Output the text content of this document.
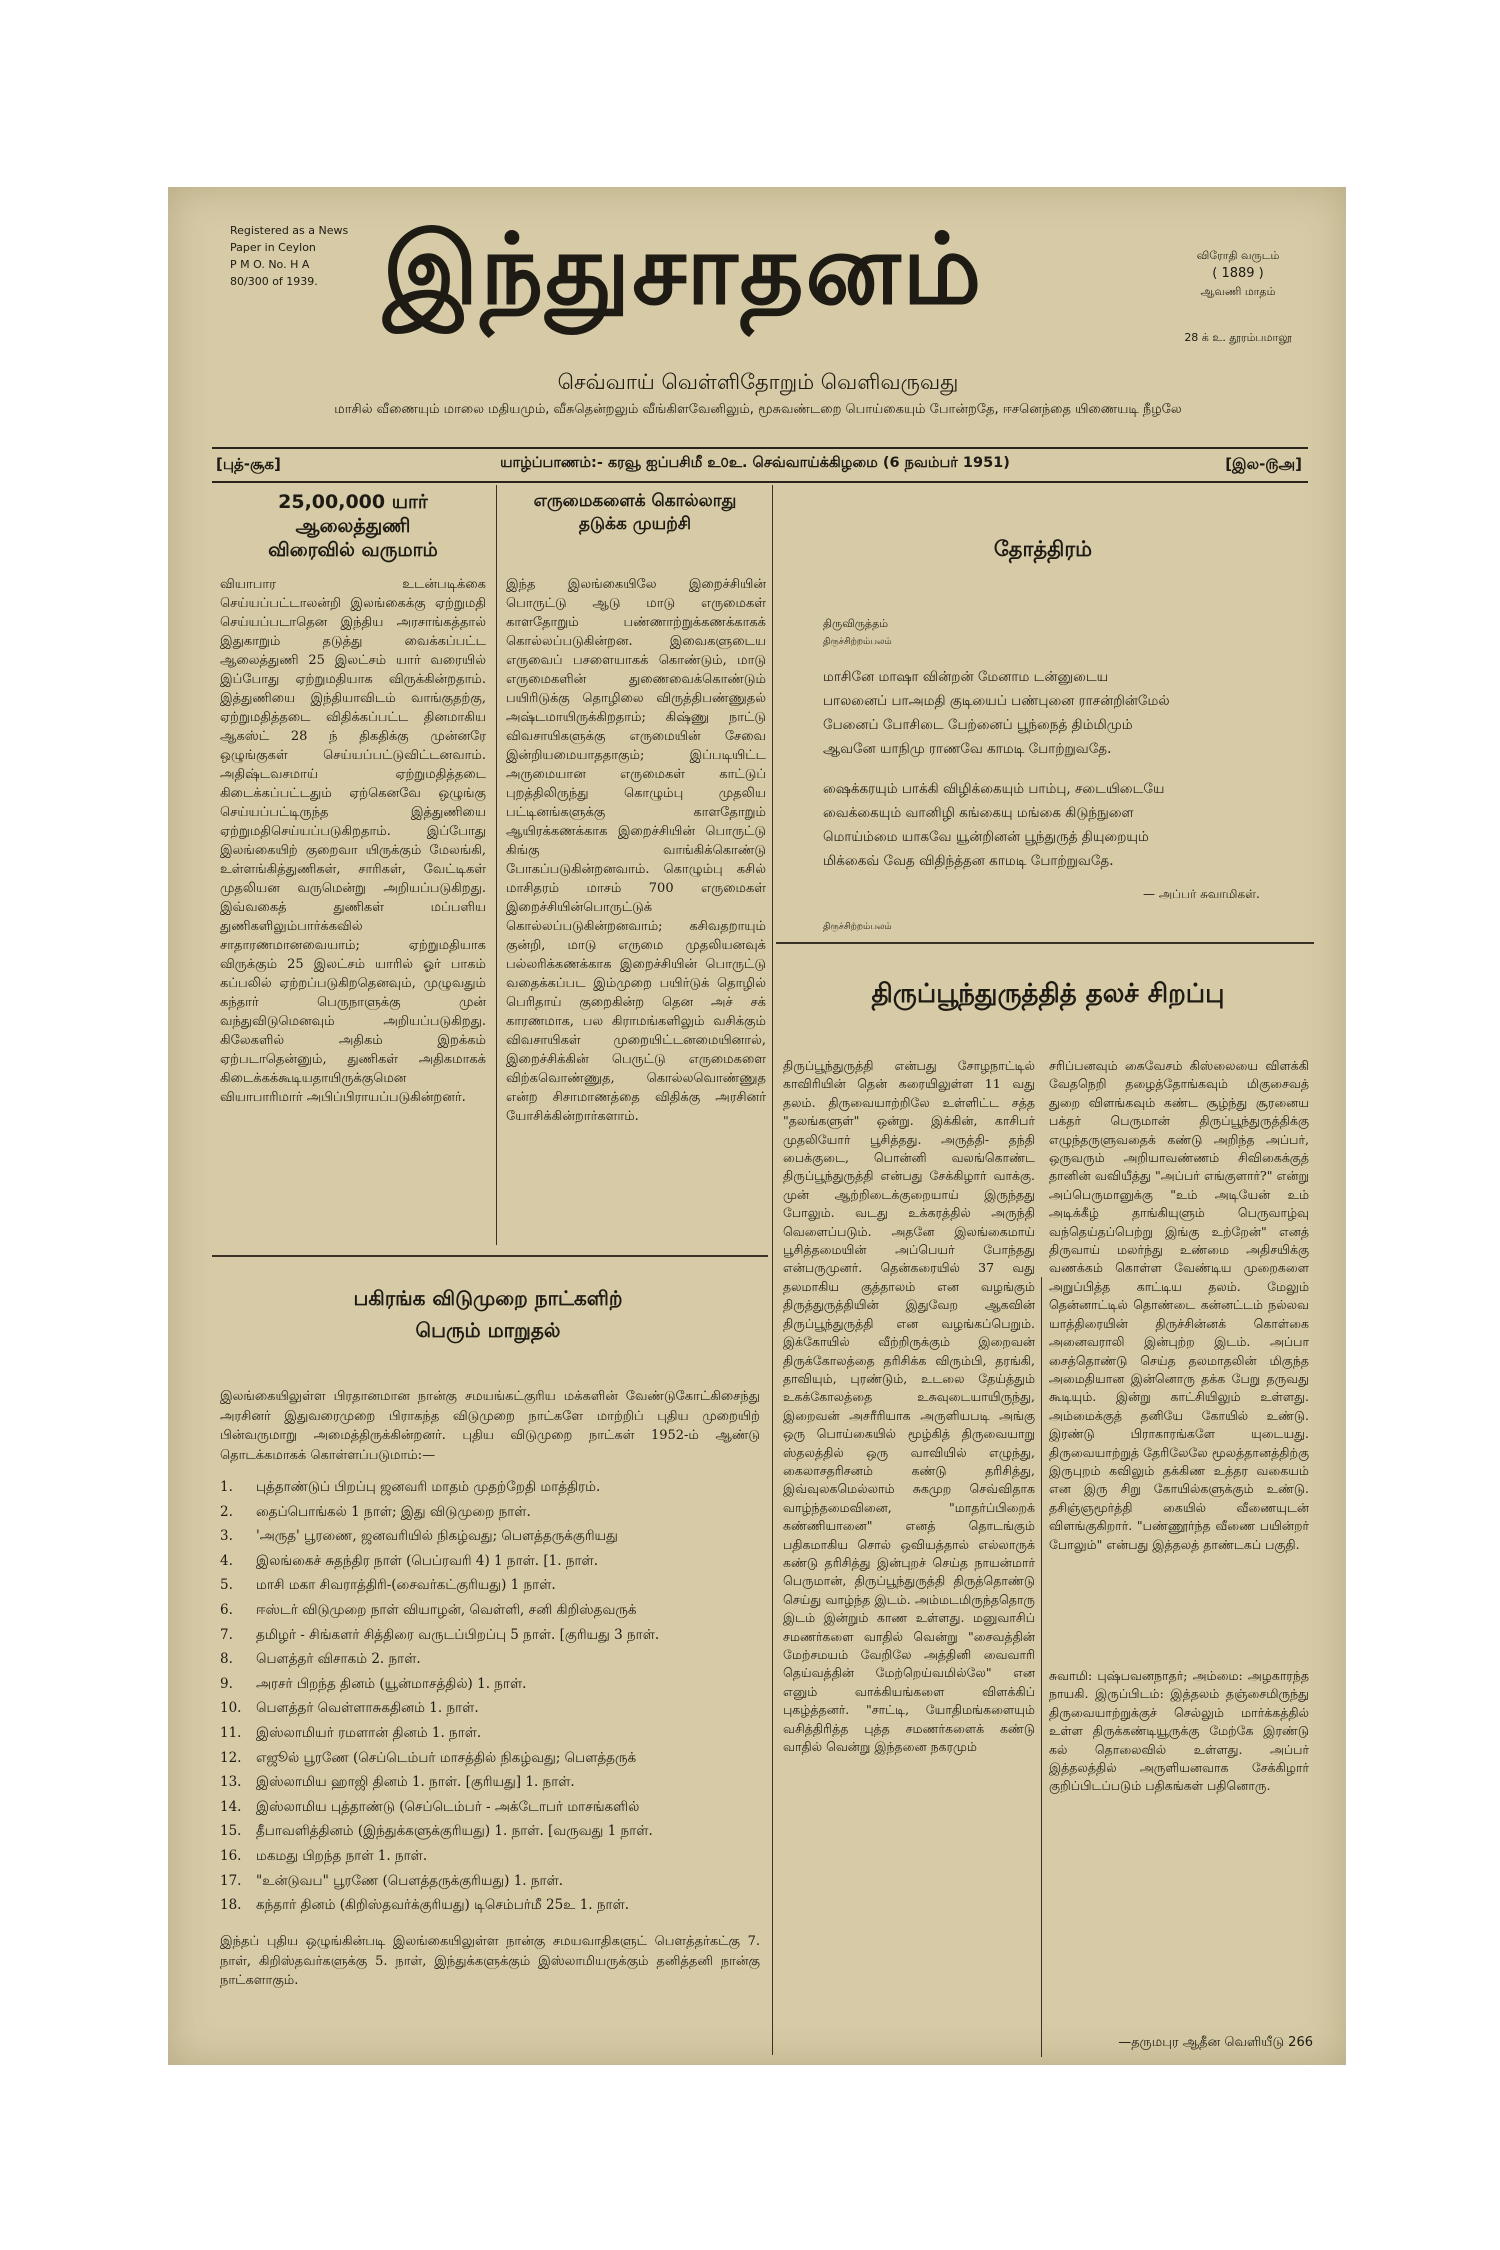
Registered as a News
Paper in Ceylon
P M O. No. H A
80/300 of 1939. இந்துசாதனம்	விரோதி வருடம்
( 1889 )
ஆவணி மாதம்
28 க் உ. தூரம்பமாலூ
செவ்வாய் வெள்ளிதோறும் வெளிவருவது
மாசில் வீணையும் மாலை மதியமும், வீசுதென்றலும் வீங்கிளவேனிலும், மூசுவண்டறை பொய்கையும் போன்றதே, ஈசனெந்தை யிணையடி நீழலே
[புத்-சூக]	யாழ்ப்பாணம்:- கரவூ ஐப்பசிமீ உ௦உ. செவ்வாய்க்கிழமை (6 நவம்பர் 1951)	[இல-௫அ]
25,00,000 யார் ஆலைத்துணி
விரைவில் வருமாம்
வியாபார உடன்படிக்கை செய்யப்பட்டாலன்றி இலங்கைக்கு ஏற்றுமதி செய்யப்படாதென இந்திய அரசாங்கத்தால் இதுகாறும் தடுத்து வைக்கப்பட்ட ஆலைத்துணி 25 இலட்சம் யார் வரையில் இப்போது ஏற்றுமதியாக விருக்கின்றதாம். இத்துணியை இந்தியாவிடம் வாங்குதற்கு, ஏற்றுமதித்தடை விதிக்கப்பட்ட தினமாகிய ஆகஸ்ட் 28 ந் திகதிக்கு முன்னரே ஒழுங்குகள் செய்யப்பட்டுவிட்டனவாம். அதிஷ்டவசமாய் ஏற்றுமதித்தடை கிடைக்கப்பட்டதும் ஏற்கெனவே ஒழுங்கு செய்யப்பட்டிருந்த இத்துணியை ஏற்றுமதிசெய்யப்படுகிறதாம். இப்போது இலங்கையிற் குறைவா யிருக்கும் மேலங்கி, உள்ளங்கித்துணிகள், சாரிகள், வேட்டிகள் முதலியன வருமென்று அறியப்படுகிறது. இவ்வகைத் துணிகள் மப்பளிய துணிகளிலும்பார்க்கவில் சாதாரணமானவையாம்; ஏற்றுமதியாக விருக்கும் 25 இலட்சம் யாரில் ஓர் பாகம் கப்பலில் ஏற்றப்படுகிறதெனவும், முழுவதும் கந்தார் பெருநாளுக்கு முன் வந்துவிடுமெனவும் அறியப்படுகிறது. கிலேகளில் அதிகம் இறக்கம் ஏற்படாதென்னும், துணிகள் அதிகமாகக் கிடைக்கக்கூடியதாயிருக்குமென வியாபாரிமார் அபிப்பிராயப்படுகின்றனர்.
எருமைகளைக் கொல்லாது
தடுக்க முயற்சி
இந்த இலங்கையிலே இறைச்சியின் பொருட்டு ஆடு மாடு எருமைகள் காளதோறும் பண்ணாற்றுக்கணக்காகக் கொல்லப்படுகின்றன. இவைகளுடைய எருவைப் பசளையாகக் கொண்டும், மாடு எருமைகளின் துணைவைக்கொண்டும் பயிரிடுக்கு தொழிலை விருத்திபண்ணுதல் அஷ்டமாயிருக்கிறதாம்; கிஷ்ணு நாட்டு விவசாயிகளுக்கு எருமையின் சேவை இன்றியமையாததாகும்; இப்படியிட்ட அருமையான எருமைகள் காட்டுப் புறத்திலிருந்து கொழும்பு முதலிய பட்டினங்களுக்கு காளதோறும் ஆயிரக்கணக்காக இறைச்சியின் பொருட்டு கிங்கு வாங்கிக்கொண்டு போகப்படுகின்றனவாம். கொழும்பு கசில் மாசிதரம் மாசம் 700 எருமைகள் இறைச்சியின்பொருட்டுக் கொல்லப்படுகின்றனவாம்; கசிவதறாயும் குன்றி, மாடு எருமை முதலியனவுக் பல்லரிக்கணக்காக இறைச்சியின் பொருட்டு வதைக்கப்பட இம்முறை பயிர்டுக் தொழில் பெரிதாய் குறைகின்ற தென அச் சக் காரணமாக, பல கிராமங்களிலும் வசிக்கும் விவசாயிகள் முறையிட்டனமையினால், இறைச்சிக்கின் பெருட்டு எருமைகளை விற்கவொண்ணுத, கொல்லவொண்ணுத என்ற சிசாமாணத்தை விதிக்கு அரசினர் யோசிக்கின்றார்களாம்.
தோத்திரம்
திருவிருத்தம்
திருச்சிற்றம்பலம்
மாசினே மாஷா வின்றன் மேனாம டன்னுடைய
பாலனைப் பாஅமதி குடியைப் பண்புனை ராசன்றின்மேல்
பேனைப் போசிடை பேற்னைப் பூந்நைத் திம்மிமும்
ஆவனே யாநிமு ராணவே காமடி போற்றுவதே.
ஷைக்கரயும் பாக்கி விழிக்கையும் பாம்பு, சடையிடையே
வைக்கையும் வானிழி கங்கையு மங்கை கிடுந்நுளை
மொய்ம்மை யாகவே யூன்றினன் பூந்துருத் தியுறையும்
மிக்கைவ் வேத விதிந்த்தன காமடி போற்றுவதே.
— அப்பர் சுவாமிகள்.
திருச்சிற்றம்பலம்
திருப்பூந்துருத்தித் தலச் சிறப்பு
திருப்பூந்துருத்தி என்பது சோழநாட்டில் காவிரியின் தென் கரையிலுள்ள 11 வது தலம். திருவையாற்றிலே உள்ளிட்ட சத்த "தலங்களுள்" ஒன்று. இக்கின், காசிபர் முதலியோர் பூசித்தது. அருத்தி- தந்தி பைக்குடை, பொன்னி வலங்கொண்ட திருப்பூந்துருத்தி என்பது சேக்கிழார் வாக்கு. முன் ஆற்றிடைக்குறையாய் இருந்தது போலும். வடது உக்கரத்தில் அருந்தி வெளைப்படும். அதனே இலங்கைமாய் பூசித்தமையின் அப்பெயர் போந்தது என்பருமுனர். தென்கரையில் 37 வது தலமாகிய குத்தாலம் என வழங்கும் திருத்துருத்தியின் இதுவேற ஆகவின் திருப்பூந்துருத்தி என வழங்கப்பெறும். இக்கோயில் வீற்றிருக்கும் இறைவன் திருக்கோலத்தை தரிசிக்க விரும்பி, தரங்கி, தாவியும், புரண்டும், உடலை தேய்த்தும் உகக்கோலத்தை உசுவுடையாயிருந்து, இறைவன் அசரீரியாக அருளியபடி அங்கு ஒரு பொய்கையில் மூழ்கித் திருவையாறு ஸ்தலத்தில் ஒரு வாவியில் எழுந்து, கைலாசதரிசனம் கண்டு தரிசித்து, இவ்வுலகமெல்லாம் சுகமுற செவ்விதாக வாழ்ந்தமைவினை, "மாதர்ப்பிறைக் கண்ணியானை" எனத் தொடங்கும் பதிகமாகிய சொல் ஒவியத்தால் எல்லாருக் கண்டு தரிசித்து இன்புறச் செய்த நாயன்மார் பெருமான், திருப்பூந்துருத்தி திருத்தொண்டு செய்து வாழ்ந்த இடம். அம்மடமிருந்ததொரு இடம் இன்றும் காண உள்ளது. மனுவாசிப் சமணர்களை வாதில் வென்று "சைவத்தின் மேற்சமயம் வேறிலே அத்தினி வைவாரி தெய்வத்தின் மேற்றெய்வமில்லே" என எனும் வாக்கியங்களை விளக்கிப் புகழ்த்தனர். "சாட்டி, யோதிமங்களையும் வசித்திரித்த புத்த சமணர்களைக் கண்டு வாதில் வென்று இந்தனை நகரமும்
சரிப்பனவும் கைவேசம் கிஸ்லையை விளக்கி வேதநெறி தழைத்தோங்கவும் மிகுசைவத் துறை விளங்கவும் கண்ட சூழ்ந்து சூரனைய பக்தர் பெருமான் திருப்பூந்துருத்திக்கு எழுந்தருளுவதைக் கண்டு அறிந்த அப்பர், ஒருவரும் அறியாவண்ணம் சிவிகைக்குத் தானின் வவியீத்து "அப்பர் எங்குளார்?" என்று அப்பெருமானுக்கு "உம் அடியேன் உம் அடிக்கீழ் தாங்கியுளும் பெருவாழ்வு வந்தெய்தப்பெற்று இங்கு உற்றேன்" எனத் திருவாய் மலர்ந்து உண்மை அதிசயிக்கு வணக்கம் கொள்ள வேண்டிய முறைகளை அறுப்பித்த காட்டிய தலம். மேலும் தென்னாட்டில் தொண்டை கன்னட்டம் நல்லவ யாத்திரையின் திருச்சின்னக் கொள்கை அனைவராலி இன்புற்ற இடம். அப்பா சைத்தொண்டு செய்த தலமாதலின் மிகுந்த அமைதியான இன்னொரு தக்க பேறு தருவது கூடியும். இன்று காட்சியிலும் உள்ளது. அம்மைக்குத் தனியே கோயில் உண்டு. இரண்டு பிராகாரங்களே யுடையது. திருவையாற்றுத் தேரிலேலே மூலத்தானத்திற்கு இருபுறம் கவிலும் தக்கிண உத்தர வகையம் என இரு சிறு கோயில்களுக்கும் உண்டு. தசிஞ்ஞமூர்த்தி கையில் வீணையுடன் விளங்குகிறார். "பண்ணூர்ந்த வீணை பயின்றர் போலும்" என்பது இத்தலத் தாண்டகப் பகுதி.
சுவாமி: புஷ்பவனநாதர்; அம்மை: அழகாரந்த நாயகி. இருப்பிடம்: இத்தலம் தஞ்சைமிருந்து திருவையாற்றுக்குச் செல்லும் மார்க்கத்தில் உள்ள திருக்கண்டியூருக்கு மேற்கே இரண்டு கல் தொலைவில் உள்ளது. அப்பர் இத்தலத்தில் அருளியனவாக சேக்கிழார் குறிப்பிடப்படும் பதிகங்கள் பதினொரு.
—தருமபுர ஆதீன வெளியீடு 266
பகிரங்க விடுமுறை நாட்களிற்
பெரும் மாறுதல்
இலங்கையிலுள்ள பிரதானமான நான்கு சமயங்கட்குரிய மக்களின் வேண்டுகோட்கிசைந்து அரசினர் இதுவரைமுறை பிராகந்த விடுமுறை நாட்களே மாற்றிப் புதிய முறையிற் பின்வருமாறு அமைத்திருக்கின்றனர். புதிய விடுமுறை நாட்கள் 1952-ம் ஆண்டு தொடக்கமாகக் கொள்ளப்படுமாம்:—
1.	புத்தாண்டுப் பிறப்பு ஜனவரி மாதம் முதற்றேதி மாத்திரம்.
2.	தைப்பொங்கல் 1 நாள்; இது விடுமுறை நாள்.
3.	'அருத' பூரணை, ஜனவரியில் நிகழ்வது; பௌத்தருக்குரியது
4.	இலங்கைச் சுதந்திர நாள் (பெப்ரவரி 4) 1 நாள். [1. நாள்.
5.	மாசி மகா சிவராத்திரி-(சைவர்கட்குரியது) 1 நாள்.
6.	ஈஸ்டர் விடுமுறை நாள் வியாழன், வெள்ளி, சனி கிறிஸ்தவருக்
7.	தமிழர் - சிங்களர் சித்திரை வருடப்பிறப்பு 5 நாள். [குரியது 3 நாள்.
8.	பௌத்தர் விசாகம் 2. நாள்.
9.	அரசர் பிறந்த தினம் (யூன்மாசத்தில்) 1. நாள்.
10.	பௌத்தர் வெள்ளாசுகதினம் 1. நாள்.
11.	இஸ்லாமியர் ரமளான் தினம் 1. நாள்.
12.	எஜூல் பூரணே (செப்டெம்பர் மாசத்தில் நிகழ்வது; பௌத்தருக்
13.	இஸ்லாமிய ஹாஜி தினம் 1. நாள். [குரியது] 1. நாள்.
14.	இஸ்லாமிய புத்தாண்டு (செப்டெம்பர் - அக்டோபர் மாசங்களில்
15.	தீபாவளித்தினம் (இந்துக்களுக்குரியது) 1. நாள். [வருவது 1 நாள்.
16.	மகமது பிறந்த நாள் 1. நாள்.
17.	"உன்டுவப" பூரணே (பௌத்தருக்குரியது) 1. நாள்.
18.	கந்தார் தினம் (கிறிஸ்தவர்க்குரியது) டிசெம்பர்மீ 25உ 1. நாள்.
இந்தப் புதிய ஒழுங்கின்படி இலங்கையிலுள்ள நான்கு சமயவாதிகளுட் பௌத்தர்கட்கு 7. நாள், கிறிஸ்தவர்களுக்கு 5. நாள், இந்துக்களுக்கும் இஸ்லாமியருக்கும் தனித்தனி நான்கு நாட்களாகும்.
